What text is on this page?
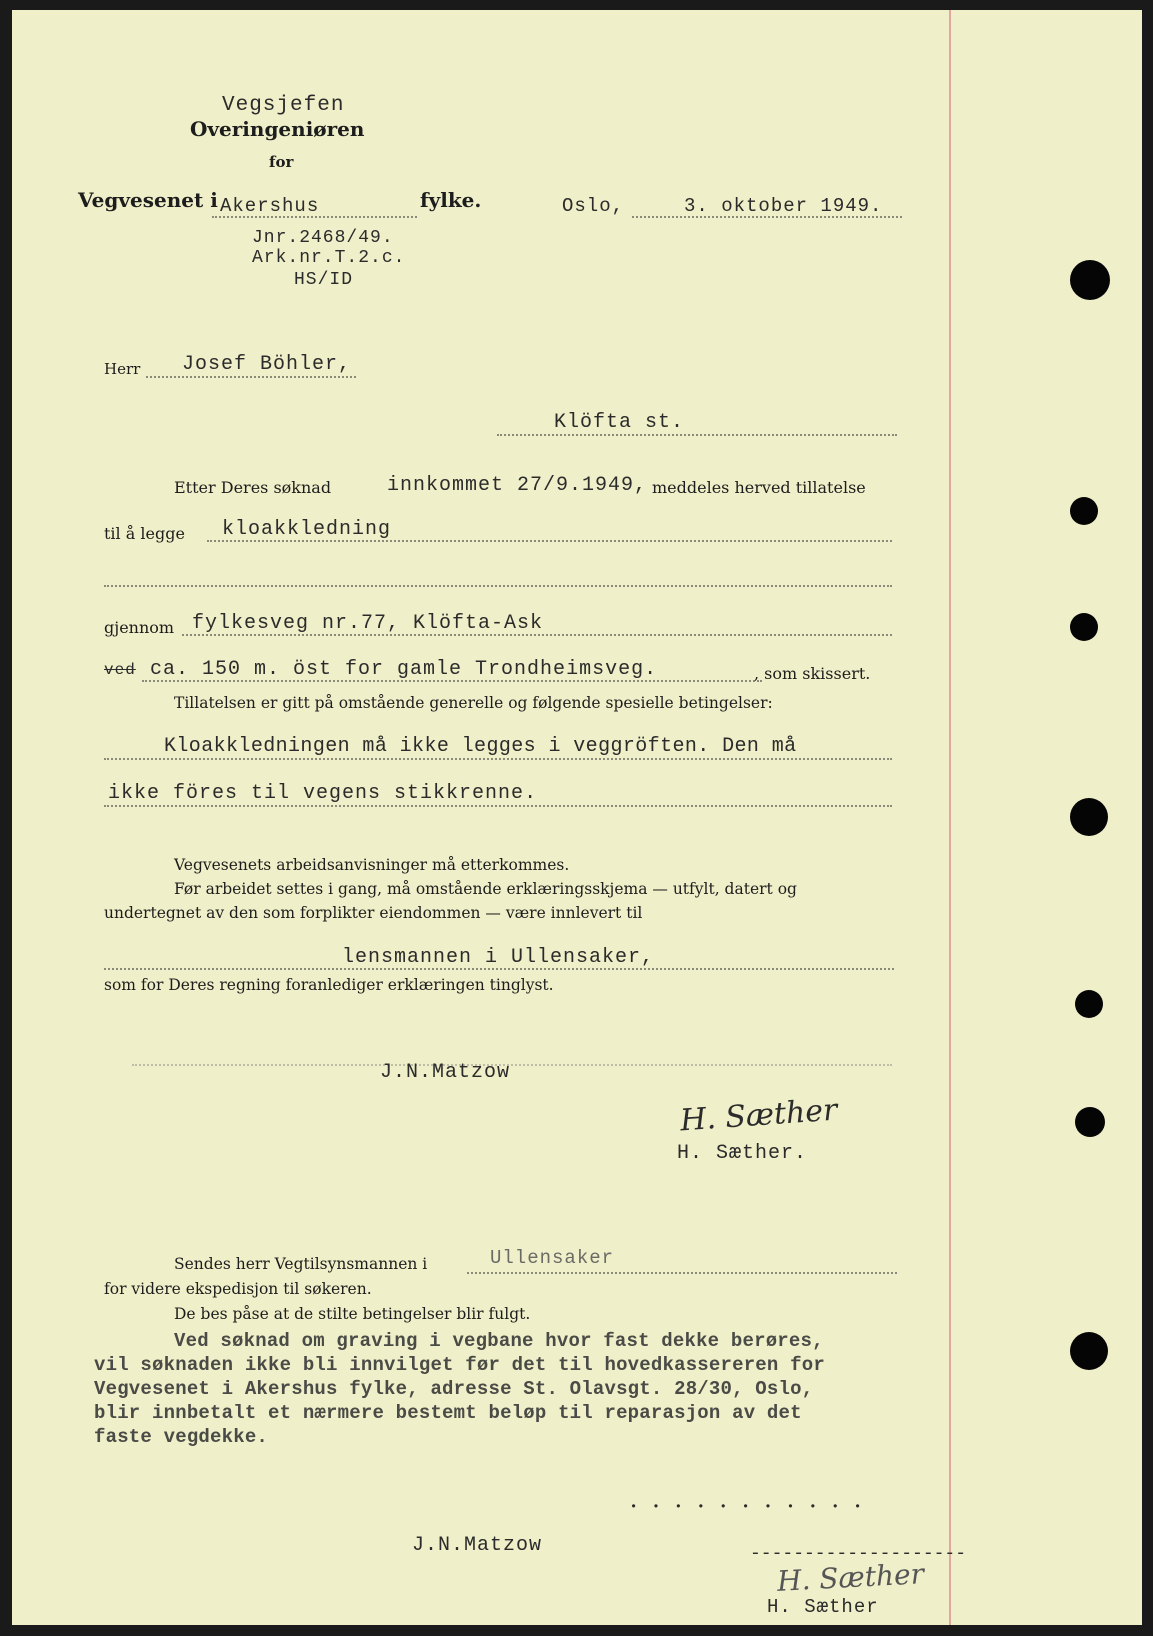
Vegsjefen
Overingeniøren
for
Vegvesenet i Akershus	fylke.	Oslo,	3. oktober 1949.
Jnr.2468/49.
Ark.nr.T.2.c.
HS/ID
Herr Josef Böhler,
Klöfta st.
Etter Deres søknad	innkommet 27/9.1949, meddeles herved tillatelse
til å legge kloakkledning
gjennom fylkesveg nr.77, Klöfta-Ask
ved ca. 150 m. öst for gamle Trondheimsveg.	, som skissert.
Tillatelsen er gitt på omstående generelle og følgende spesielle betingelser:
Kloakkledningen må ikke legges i veggröften. Den må
ikke föres til vegens stikkrenne.
Vegvesenets arbeidsanvisninger må etterkommes.
Før arbeidet settes i gang, må omstående erklæringsskjema — utfylt, datert og
undertegnet av den som forplikter eiendommen — være innlevert til
lensmannen i Ullensaker,
som for Deres regning foranlediger erklæringen tinglyst.
J.N.Matzow
H. Sæther
H. Sæther.
Sendes herr Vegtilsynsmannen i	Ullensaker
for videre ekspedisjon til søkeren.
De bes påse at de stilte betingelser blir fulgt.
Ved søknad om graving i vegbane hvor fast dekke berøres,
vil søknaden ikke bli innvilget før det til hovedkassereren for
Vegvesenet i Akershus fylke, adresse St. Olavsgt. 28/30, Oslo,
blir innbetalt et nærmere bestemt beløp til reparasjon av det
faste vegdekke.
• • • • • • • • • • •
J.N.Matzow	--------------------
H. Sæther
H. Sæther
